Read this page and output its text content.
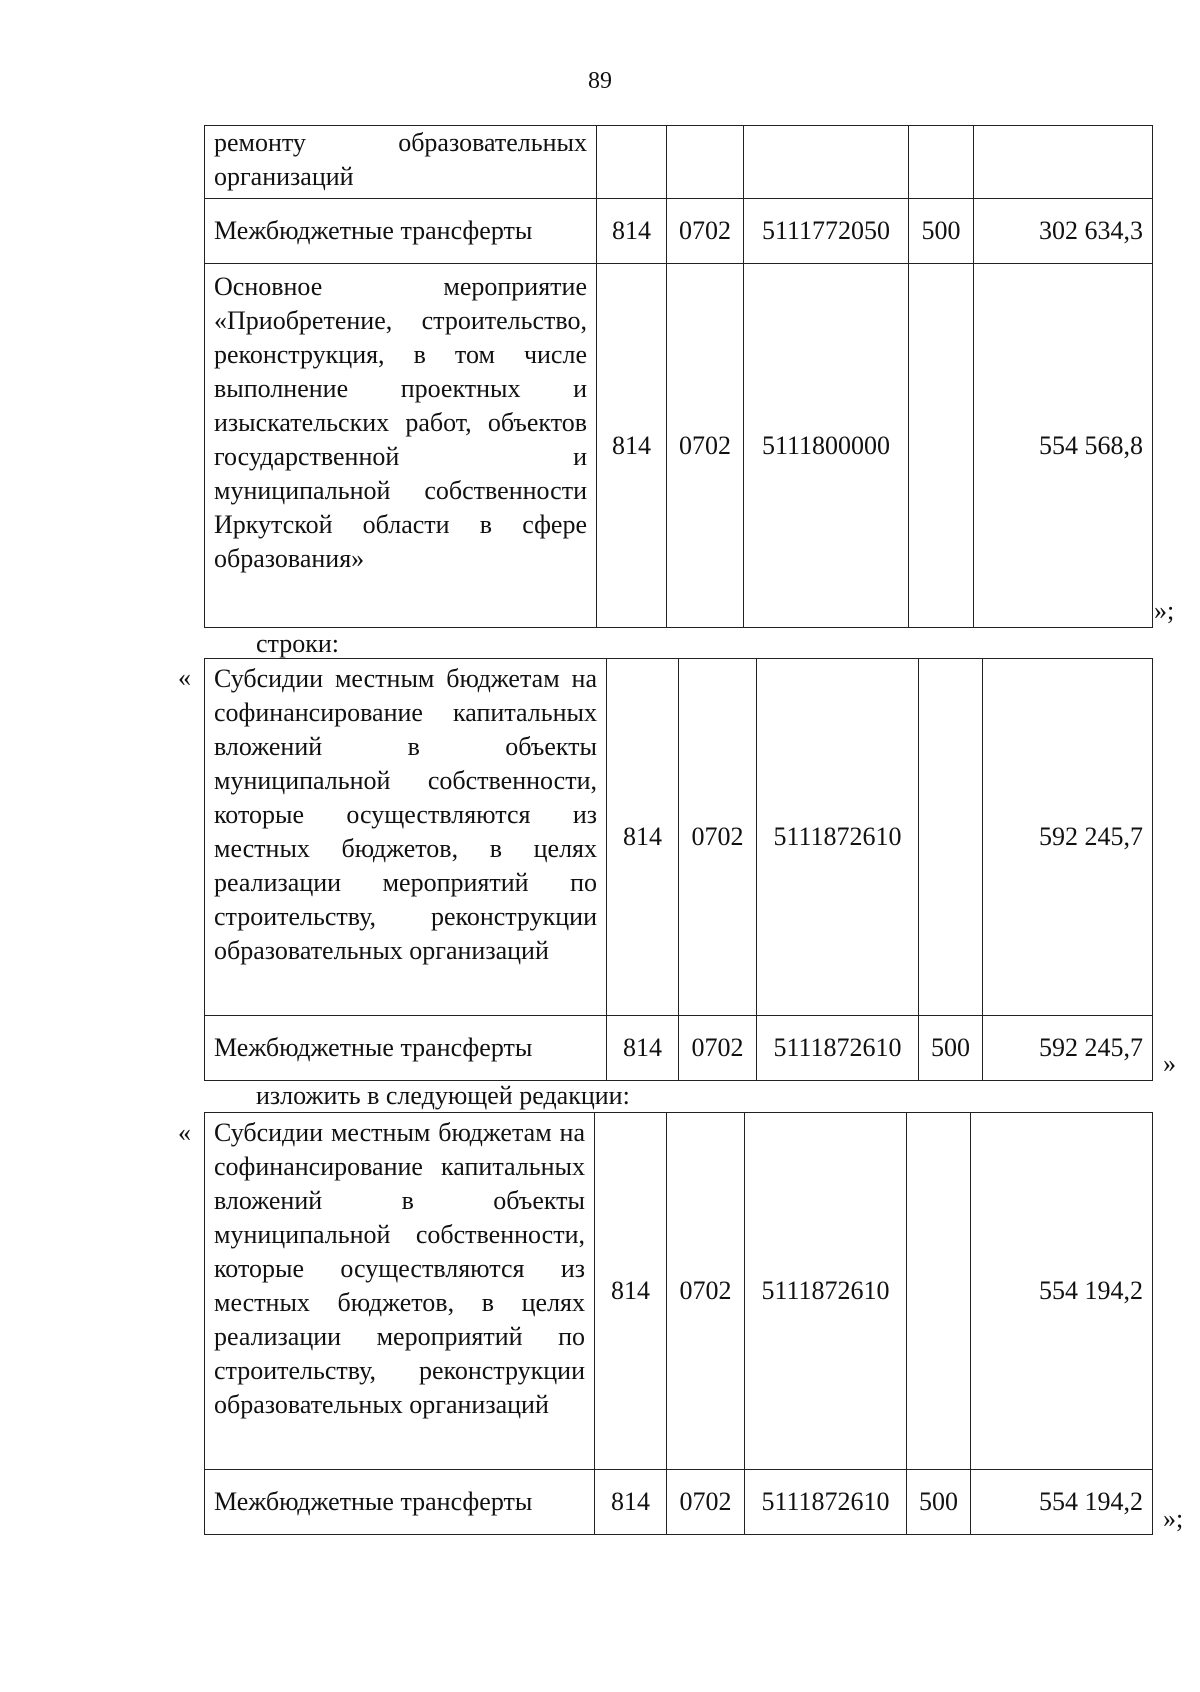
89
ремонту образовательных организаций					
Межбюджетные трансферты	814	0702	5111772050	500	302 634,3
Основное мероприятие «Приобретение, строительство, реконструкция, в том числе выполнение проектных и изыскательских работ, объектов государственной и муниципальной собственности Иркутской области в сфере образования»	814	0702	5111800000		554 568,8
»;
строки:
« Субсидии местным бюджетам на софинансирование капитальных вложений в объекты муниципальной собственности, которые осуществляются из местных бюджетов, в целях реализации мероприятий по строительству, реконструкции образовательных организаций	814	0702	5111872610		592 245,7
Межбюджетные трансферты	814	0702	5111872610	500	592 245,7
»
изложить в следующей редакции:
« Субсидии местным бюджетам на софинансирование капитальных вложений в объекты муниципальной собственности, которые осуществляются из местных бюджетов, в целях реализации мероприятий по строительству, реконструкции образовательных организаций	814	0702	5111872610		554 194,2
Межбюджетные трансферты	814	0702	5111872610	500	554 194,2
»;
